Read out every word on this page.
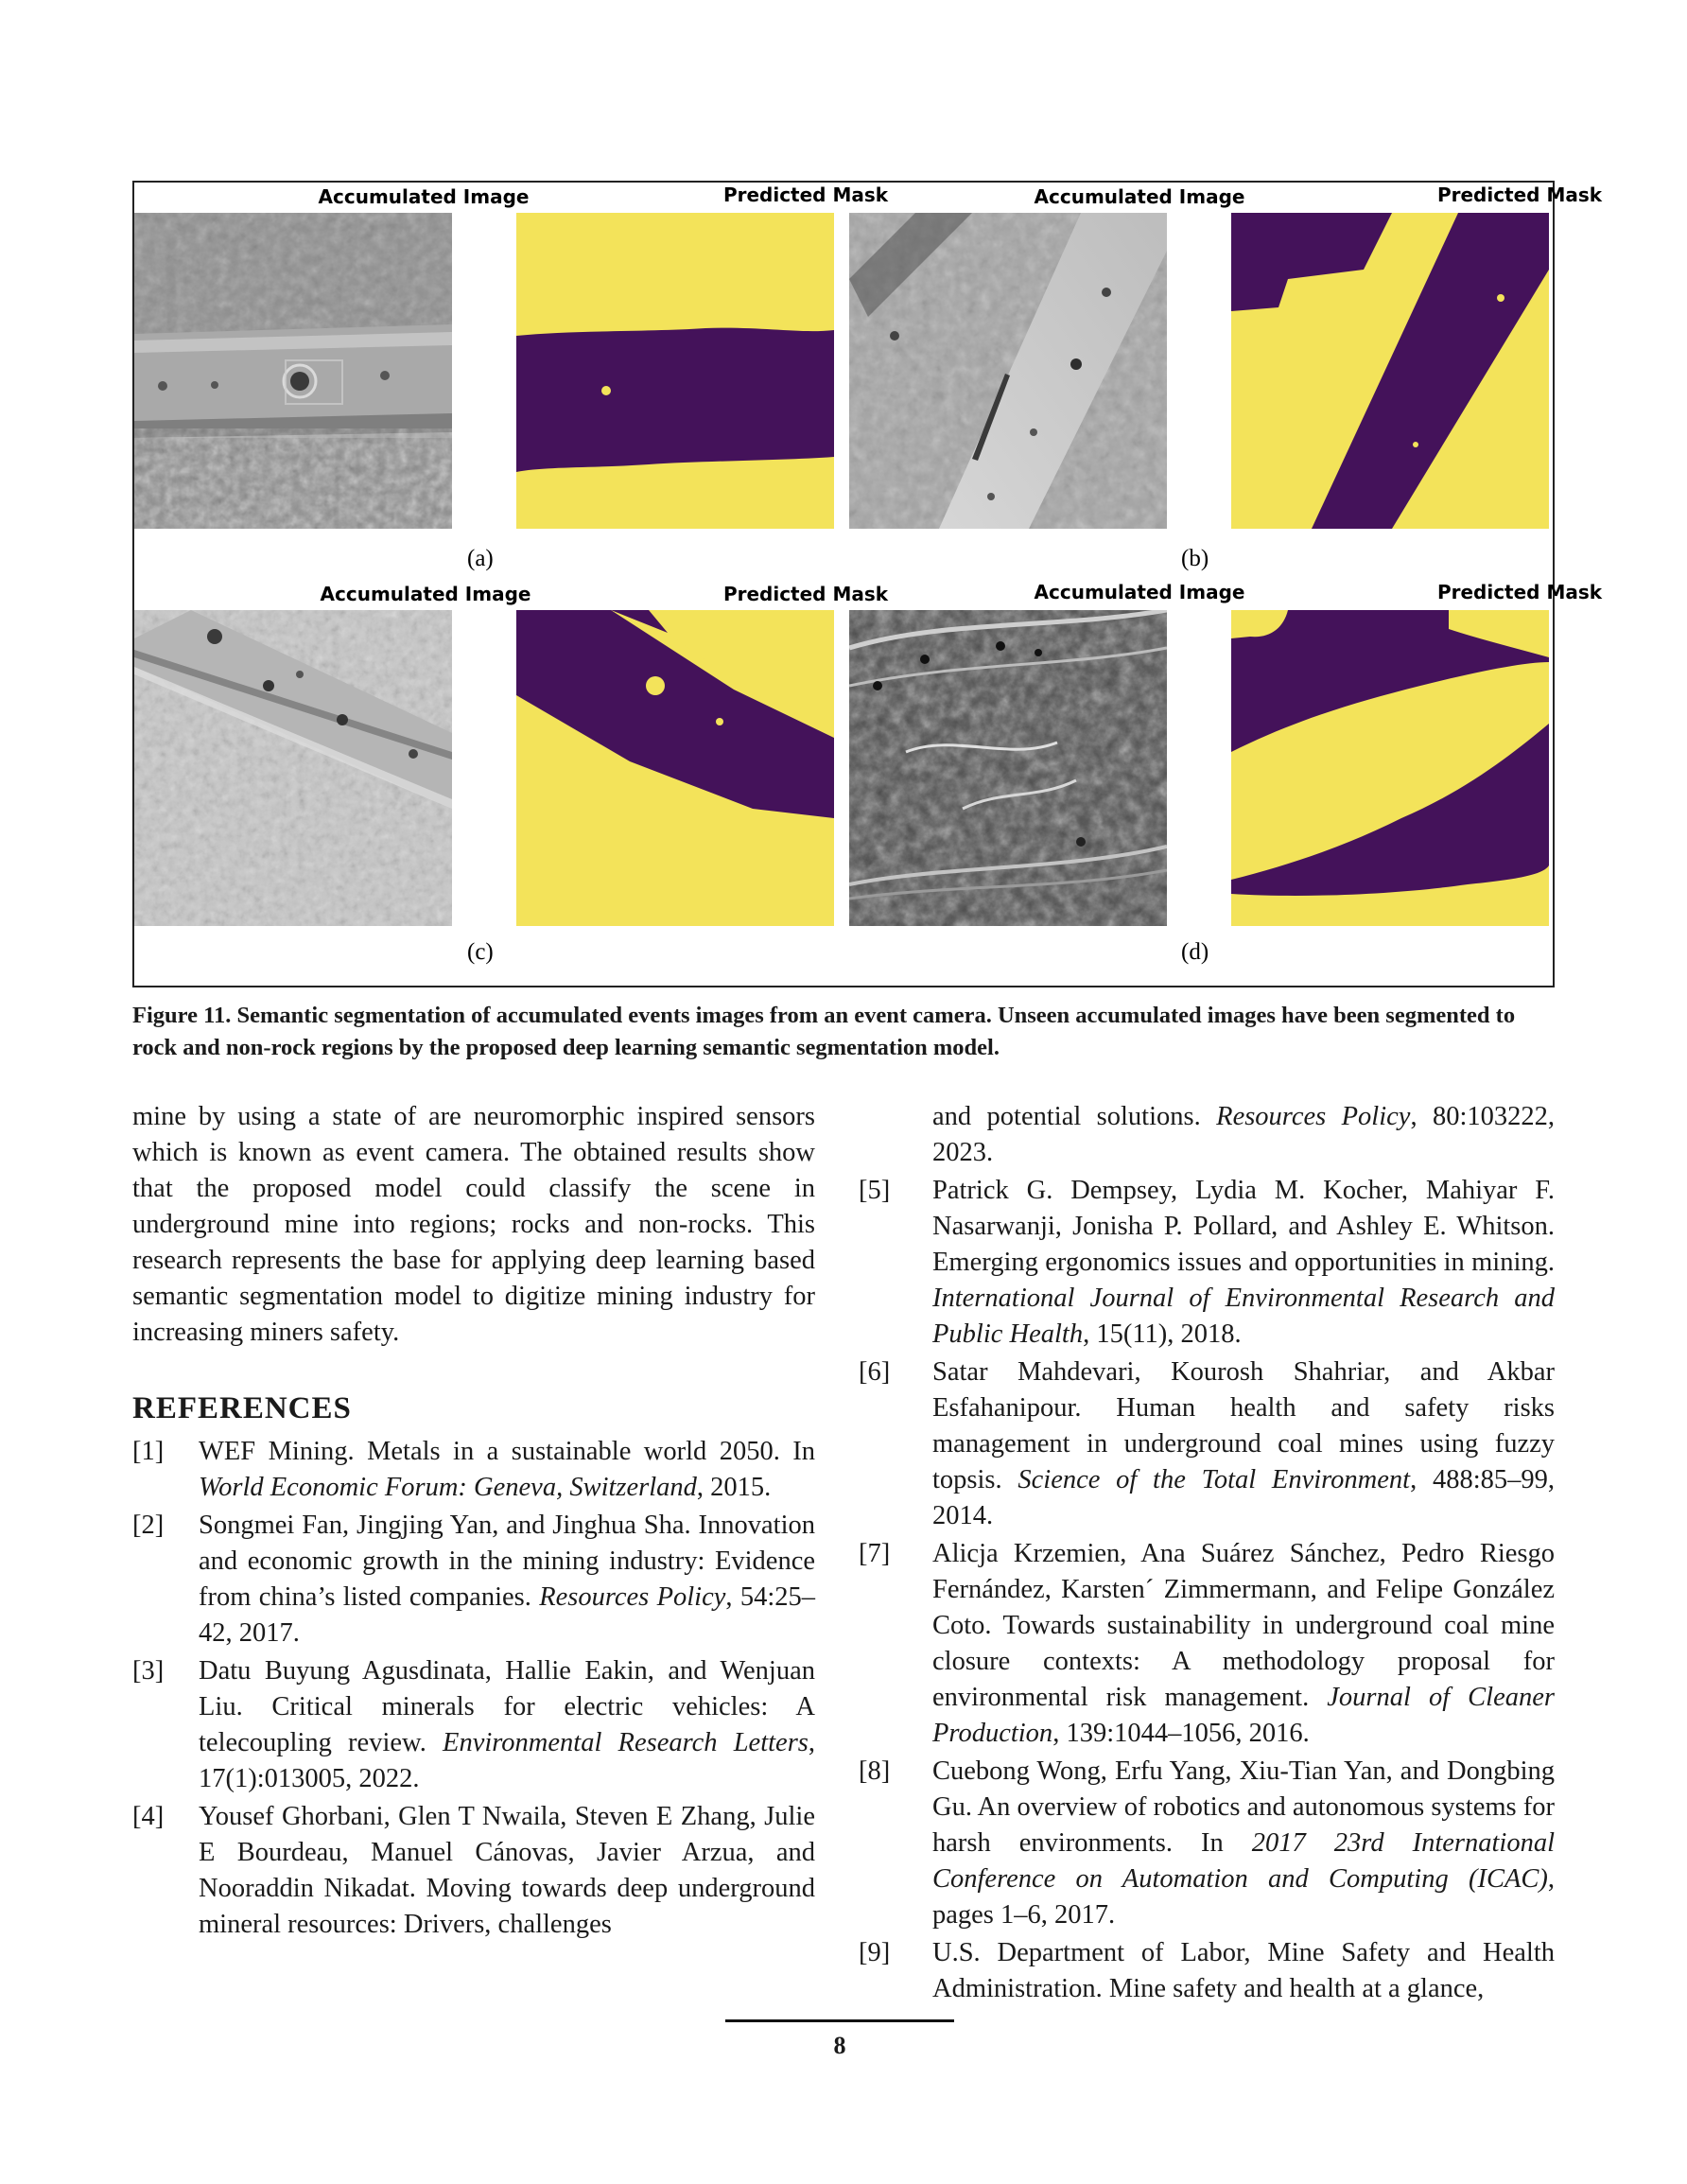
Accumulated Image	Predicted Mask	Accumulated Image	Predicted Mask
(a)	(b)
Accumulated Image	Predicted Mask	Accumulated Image	Predicted Mask
(c)	(d)
Figure 11. Semantic segmentation of accumulated events images from an event camera. Unseen accumulated images have been segmented to rock and non-rock regions by the proposed deep learning semantic segmentation model.

mine by using a state of are neuromorphic inspired sensors which is known as event camera. The obtained results show that the proposed model could classify the scene in underground mine into regions; rocks and non-rocks. This research represents the base for applying deep learning based semantic segmentation model to digitize mining industry for increasing miners safety.

REFERENCES
[1] WEF Mining. Metals in a sustainable world 2050. In World Economic Forum: Geneva, Switzerland, 2015.
[2] Songmei Fan, Jingjing Yan, and Jinghua Sha. Innovation and economic growth in the mining industry: Evidence from china’s listed companies. Resources Policy, 54:25–42, 2017.
[3] Datu Buyung Agusdinata, Hallie Eakin, and Wenjuan Liu. Critical minerals for electric vehicles: A telecoupling review. Environmental Research Letters, 17(1):013005, 2022.
[4] Yousef Ghorbani, Glen T Nwaila, Steven E Zhang, Julie E Bourdeau, Manuel Cánovas, Javier Arzua, and Nooraddin Nikadat. Moving towards deep underground mineral resources: Drivers, challenges
and potential solutions. Resources Policy, 80:103222, 2023.
[5] Patrick G. Dempsey, Lydia M. Kocher, Mahiyar F. Nasarwanji, Jonisha P. Pollard, and Ashley E. Whitson. Emerging ergonomics issues and opportunities in mining. International Journal of Environmental Research and Public Health, 15(11), 2018.
[6] Satar Mahdevari, Kourosh Shahriar, and Akbar Esfahanipour. Human health and safety risks management in underground coal mines using fuzzy topsis. Science of the Total Environment, 488:85–99, 2014.
[7] Alicja Krzemien, Ana Suárez Sánchez, Pedro Riesgo Fernández, Karsten´ Zimmermann, and Felipe González Coto. Towards sustainability in underground coal mine closure contexts: A methodology proposal for environmental risk management. Journal of Cleaner Production, 139:1044–1056, 2016.
[8] Cuebong Wong, Erfu Yang, Xiu-Tian Yan, and Dongbing Gu. An overview of robotics and autonomous systems for harsh environments. In 2017 23rd International Conference on Automation and Computing (ICAC), pages 1–6, 2017.
[9] U.S. Department of Labor, Mine Safety and Health Administration. Mine safety and health at a glance,
8
